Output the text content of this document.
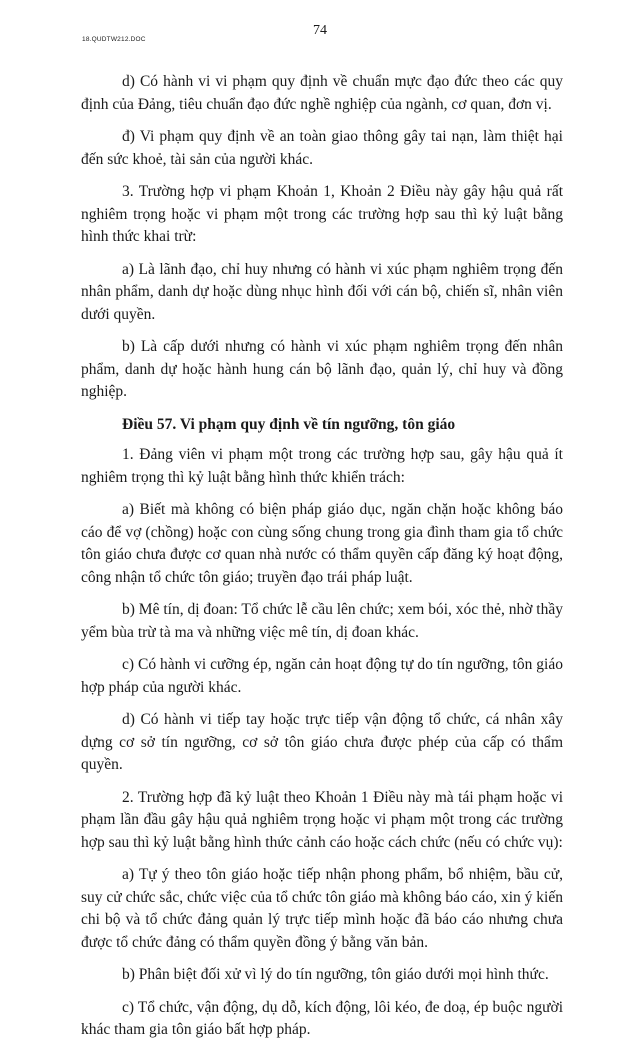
18.QUDTW212.DOC
74

d) Có hành vi vi phạm quy định về chuẩn mực đạo đức theo các quy định của Đảng, tiêu chuẩn đạo đức nghề nghiệp của ngành, cơ quan, đơn vị.

đ) Vi phạm quy định về an toàn giao thông gây tai nạn, làm thiệt hại đến sức khoẻ, tài sản của người khác.

3. Trường hợp vi phạm Khoản 1, Khoản 2 Điều này gây hậu quả rất nghiêm trọng hoặc vi phạm một trong các trường hợp sau thì kỷ luật bằng hình thức khai trừ:

a) Là lãnh đạo, chỉ huy nhưng có hành vi xúc phạm nghiêm trọng đến nhân phẩm, danh dự hoặc dùng nhục hình đối với cán bộ, chiến sĩ, nhân viên dưới quyền.

b) Là cấp dưới nhưng có hành vi xúc phạm nghiêm trọng đến nhân phẩm, danh dự hoặc hành hung cán bộ lãnh đạo, quản lý, chỉ huy và đồng nghiệp.

Điều 57. Vi phạm quy định về tín ngưỡng, tôn giáo

1. Đảng viên vi phạm một trong các trường hợp sau, gây hậu quả ít nghiêm trọng thì kỷ luật bằng hình thức khiển trách:

a) Biết mà không có biện pháp giáo dục, ngăn chặn hoặc không báo cáo để vợ (chồng) hoặc con cùng sống chung trong gia đình tham gia tổ chức tôn giáo chưa được cơ quan nhà nước có thẩm quyền cấp đăng ký hoạt động, công nhận tổ chức tôn giáo; truyền đạo trái pháp luật.

b) Mê tín, dị đoan: Tổ chức lễ cầu lên chức; xem bói, xóc thẻ, nhờ thầy yểm bùa trừ tà ma và những việc mê tín, dị đoan khác.

c) Có hành vi cưỡng ép, ngăn cản hoạt động tự do tín ngưỡng, tôn giáo hợp pháp của người khác.

d) Có hành vi tiếp tay hoặc trực tiếp vận động tổ chức, cá nhân xây dựng cơ sở tín ngưỡng, cơ sở tôn giáo chưa được phép của cấp có thẩm quyền.

2. Trường hợp đã kỷ luật theo Khoản 1 Điều này mà tái phạm hoặc vi phạm lần đầu gây hậu quả nghiêm trọng hoặc vi phạm một trong các trường hợp sau thì kỷ luật bằng hình thức cảnh cáo hoặc cách chức (nếu có chức vụ):

a) Tự ý theo tôn giáo hoặc tiếp nhận phong phẩm, bổ nhiệm, bầu cử, suy cử chức sắc, chức việc của tổ chức tôn giáo mà không báo cáo, xin ý kiến chi bộ và tổ chức đảng quản lý trực tiếp mình hoặc đã báo cáo nhưng chưa được tổ chức đảng có thẩm quyền đồng ý bằng văn bản.

b) Phân biệt đối xử vì lý do tín ngưỡng, tôn giáo dưới mọi hình thức.

c) Tổ chức, vận động, dụ dỗ, kích động, lôi kéo, đe doạ, ép buộc người khác tham gia tôn giáo bất hợp pháp.
